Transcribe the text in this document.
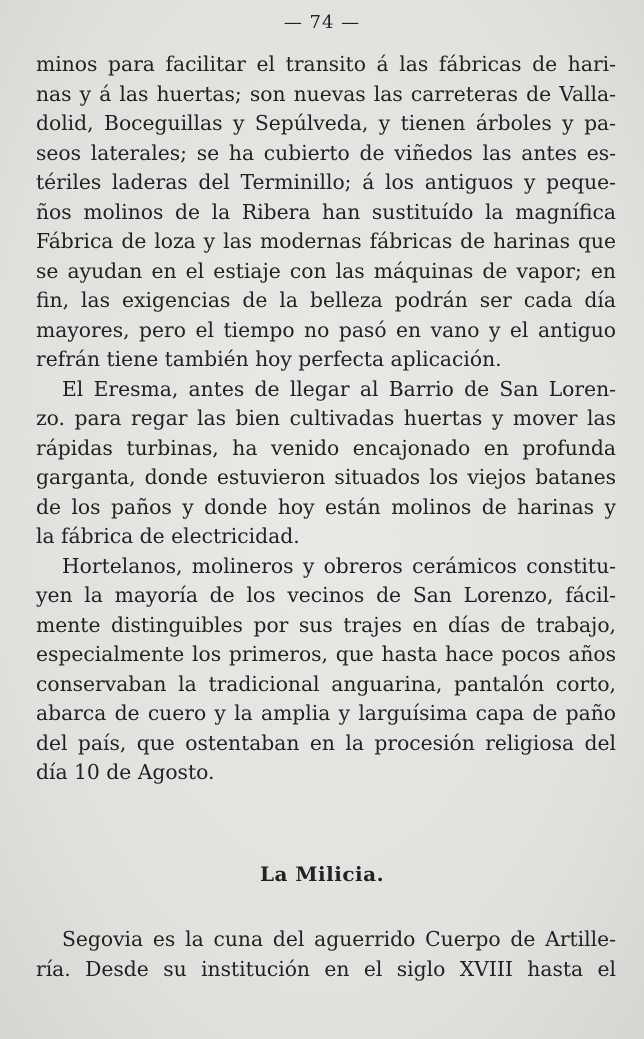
— 74 —
minos para facilitar el transito á las fábricas de hari-
nas y á las huertas; son nuevas las carreteras de Valla-
dolid, Boceguillas y Sepúlveda, y tienen árboles y pa-
seos laterales; se ha cubierto de viñedos las antes es-
tériles laderas del Terminillo; á los antiguos y peque-
ños molinos de la Ribera han sustituído la magnífica
Fábrica de loza y las modernas fábricas de harinas que
se ayudan en el estiaje con las máquinas de vapor; en
fin, las exigencias de la belleza podrán ser cada día
mayores, pero el tiempo no pasó en vano y el antiguo
refrán tiene también hoy perfecta aplicación.
El Eresma, antes de llegar al Barrio de San Loren-
zo. para regar las bien cultivadas huertas y mover las
rápidas turbinas, ha venido encajonado en profunda
garganta, donde estuvieron situados los viejos batanes
de los paños y donde hoy están molinos de harinas y
la fábrica de electricidad.
Hortelanos, molineros y obreros cerámicos constitu-
yen la mayoría de los vecinos de San Lorenzo, fácil-
mente distinguibles por sus trajes en días de trabajo,
especialmente los primeros, que hasta hace pocos años
conservaban la tradicional anguarina, pantalón corto,
abarca de cuero y la amplia y larguísima capa de paño
del país, que ostentaban en la procesión religiosa del
día 10 de Agosto.
La Milicia.
Segovia es la cuna del aguerrido Cuerpo de Artille-
ría. Desde su institución en el siglo XVIII hasta el
